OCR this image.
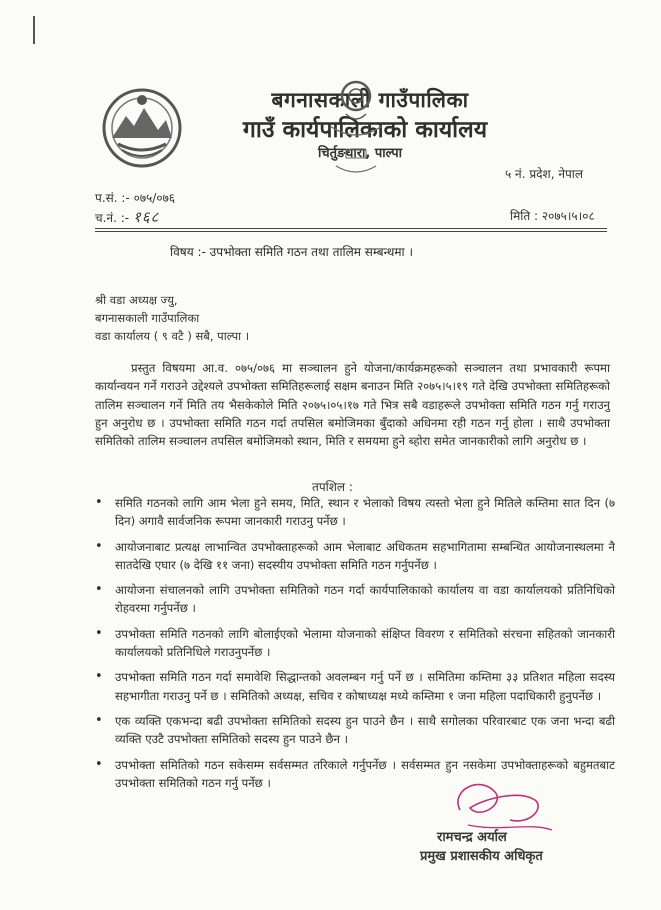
बगनासकाली गाउँपालिका
गाउँ कार्यपालिकाको कार्यालय
चिर्तुङधारा, पाल्पा
५ नं. प्रदेश, नेपाल
प.सं. :- ०७५/०७६
च.नं. :- १६८	मिति : २०७५।५।०८
विषय :- उपभोक्ता समिति गठन तथा तालिम सम्बन्धमा ।
श्री वडा अध्यक्ष ज्यु,
बगनासकाली गाउँपालिका
वडा कार्यालय ( ९ वटै ) सबै, पाल्पा ।
प्रस्तुत विषयमा आ.व. ०७५/०७६ मा सञ्चालन हुने योजना/कार्यक्रमहरूको सञ्चालन तथा प्रभावकारी रूपमा कार्यान्वयन गर्ने गराउने उद्देश्यले उपभोक्ता समितिहरूलाई सक्षम बनाउन मिति २०७५।५।१९ गते देखि उपभोक्ता समितिहरूको तालिम सञ्चालन गर्ने मिति तय भैसकेकोले मिति २०७५।०५।१७ गते भित्र सबै वडाहरूले उपभोक्ता समिति गठन गर्नु गराउनु हुन अनुरोध छ । उपभोक्ता समिति गठन गर्दा तपसिल बमोजिमका बुँदाको अधिनमा रही गठन गर्नु होला । साथै उपभोक्ता समितिको तालिम सञ्चालन तपसिल बमोजिमको स्थान, मिति र समयमा हुने ब्होरा समेत जानकारीको लागि अनुरोध छ ।
तपशिल :
• समिति गठनको लागि आम भेला हुने समय, मिति, स्थान र भेलाको विषय त्यस्तो भेला हुने मितिले कम्तिमा सात दिन (७ दिन) अगावै सार्वजनिक रूपमा जानकारी गराउनु पर्नेछ ।
• आयोजनाबाट प्रत्यक्ष लाभान्वित उपभोक्ताहरूको आम भेलाबाट अधिकतम सहभागितामा सम्बन्धित आयोजनास्थलमा नै सातदेखि एघार (७ देखि ११ जना) सदस्यीय उपभोक्ता समिति गठन गर्नुपर्नेछ ।
• आयोजना संचालनको लागि उपभोक्ता समितिको गठन गर्दा कार्यपालिकाको कार्यालय वा वडा कार्यालयको प्रतिनिधिको रोहवरमा गर्नुपर्नेछ ।
• उपभोक्ता समिति गठनको लागि बोलाईएको भेलामा योजनाको संक्षिप्त विवरण र समितिको संरचना सहितको जानकारी कार्यालयको प्रतिनिधिले गराउनुपर्नेछ ।
• उपभोक्ता समिति गठन गर्दा समावेशि सिद्धान्तको अवलम्बन गर्नु पर्ने छ । समितिमा कम्तिमा ३३ प्रतिशत महिला सदस्य सहभागीता गराउनु पर्ने छ । समितिको अध्यक्ष, सचिव र कोषाध्यक्ष मध्ये कम्तिमा १ जना महिला पदाधिकारी हुनुपर्नेछ ।
• एक व्यक्ति एकभन्दा बढी उपभोक्ता समितिको सदस्य हुन पाउने छैन । साथै सगोलका परिवारबाट एक जना भन्दा बढी व्यक्ति एउटै उपभोक्ता समितिको सदस्य हुन पाउने छैन ।
• उपभोक्ता समितिको गठन सकेसम्म सर्वसम्मत तरिकाले गर्नुपर्नेछ । सर्वसम्मत हुन नसकेमा उपभोक्ताहरूको बहुमतबाट उपभोक्ता समितिको गठन गर्नु पर्नेछ ।
रामचन्द्र अर्याल
प्रमुख प्रशासकीय अधिकृत
